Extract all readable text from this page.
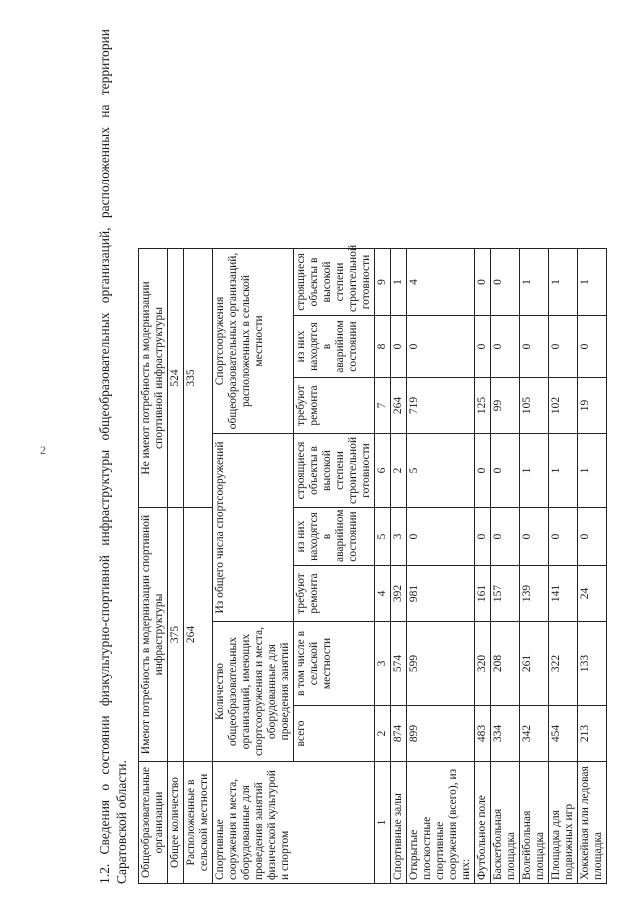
2	1.2. Сведения о состоянии физкультурно-спортивной инфраструктуры общеобразовательных организаций, расположенных на территории Саратовской области. Общеобразовательные организации	Имеют потребность в модернизации спортивной инфраструктуры				Не имеют потребность в модернизации спортивной инфраструктуры				
Общее количество	375				524				
Расположенные в сельской местности	264				335				
Спортивные сооружения и места, оборудованные для проведения занятий физической культурой и спортом	Количество общеобразовательных организаций, имеющих спортсооружения и места, оборудованные для проведения занятий		Из общего числа спортсооружений			Спортсооружения общеобразовательных организаций, расположенных в сельской местности			
	всего	в том числе в сельской местности	требуют ремонта	из них находятся в аварийном состоянии	строящиеся объекты в высокой степени строительной готовности	требуют ремонта	из них находятся в аварийном состоянии	строящиеся объекты в высокой степени строительной готовности	
1	2	3	4	5	6	7	8	9	
Спортивные залы	874	574	392	3	2	264	0	1	
Открытые плоскостные спортивные сооружения (всего), из них:	899	599	981	0	5	719	0	4	
Футбольное поле	483	320	161	0	0	125	0	0	
Баскетбольная площадка	334	208	157	0	0	99	0	0	
Волейбольная площадка	342	261	139	0	1	105	0	1	
Площадка для подвижных игр	454	322	141	0	1	102	0	1	
Хоккейная или ледовая площадка	213	133	24	0	1	19	0	1	
